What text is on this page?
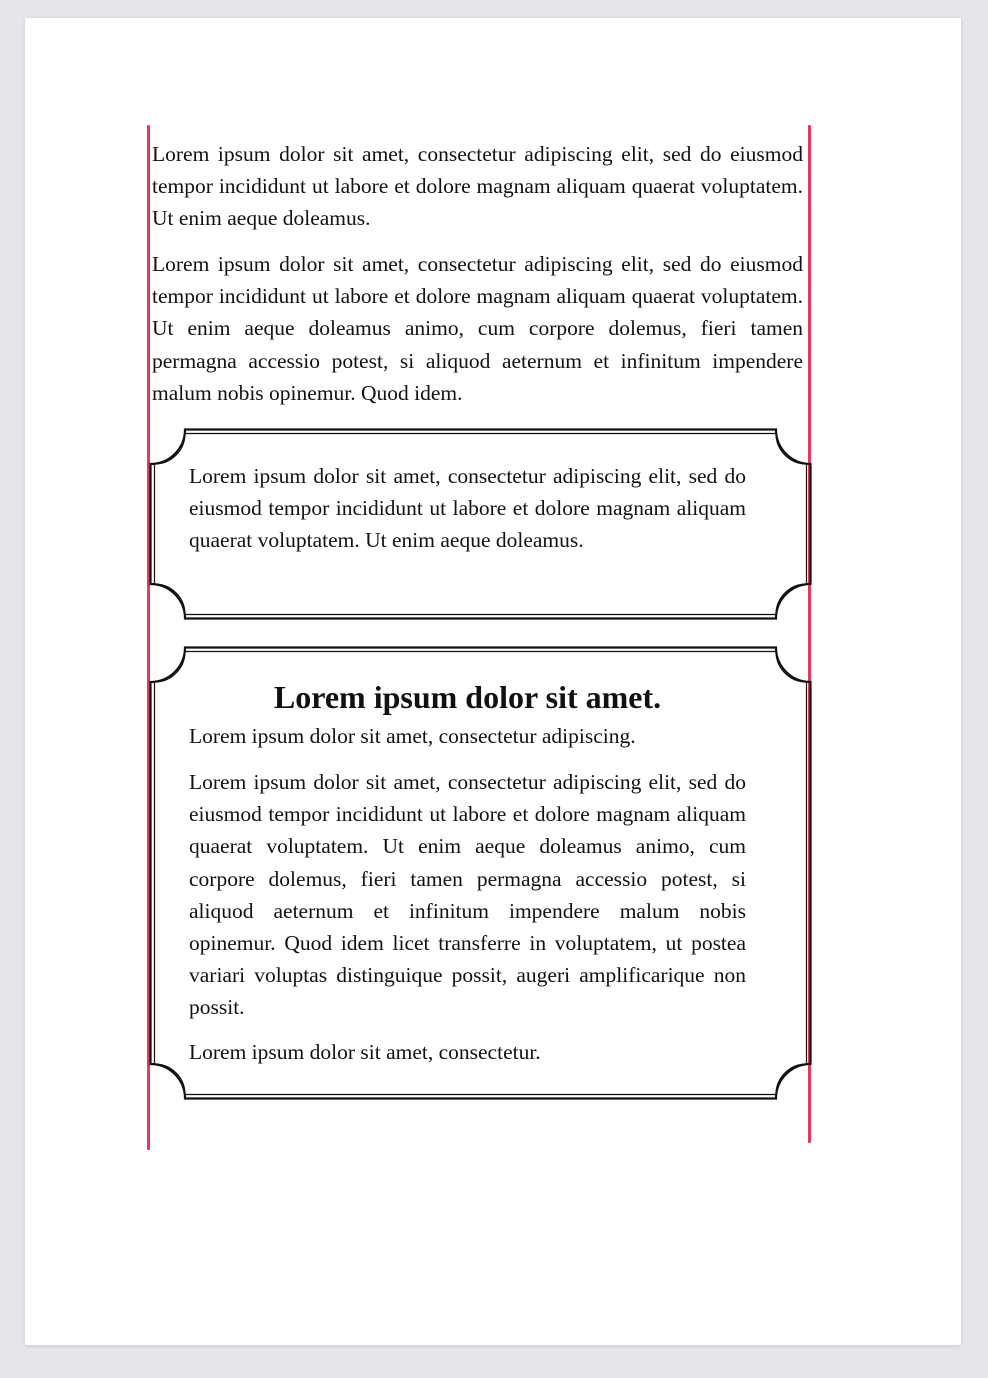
Lorem ipsum dolor sit amet, consectetur adipiscing elit, sed do eiusmod tempor incididunt ut labore et dolore magnam aliquam quaerat voluptatem. Ut enim aeque doleamus.

Lorem ipsum dolor sit amet, consectetur adipiscing elit, sed do eiusmod tempor incididunt ut labore et dolore magnam aliquam quaerat voluptatem. Ut enim aeque doleamus animo, cum corpore dolemus, fieri tamen permagna accessio potest, si aliquod aeternum et infinitum impendere malum nobis opinemur. Quod idem.

Lorem ipsum dolor sit amet, consectetur adipiscing elit, sed do eiusmod tempor incididunt ut labore et dolore magnam aliquam quaerat voluptatem. Ut enim aeque doleamus.

Lorem ipsum dolor sit amet.

Lorem ipsum dolor sit amet, consectetur adipiscing.

Lorem ipsum dolor sit amet, consectetur adipiscing elit, sed do eiusmod tempor incididunt ut labore et dolore magnam aliquam quaerat voluptatem. Ut enim aeque doleamus animo, cum corpore dolemus, fieri tamen permagna accessio potest, si aliquod aeternum et infinitum impendere malum nobis opinemur. Quod idem licet transferre in voluptatem, ut postea variari voluptas distinguique possit, augeri amplificarique non possit.

Lorem ipsum dolor sit amet, consectetur.
